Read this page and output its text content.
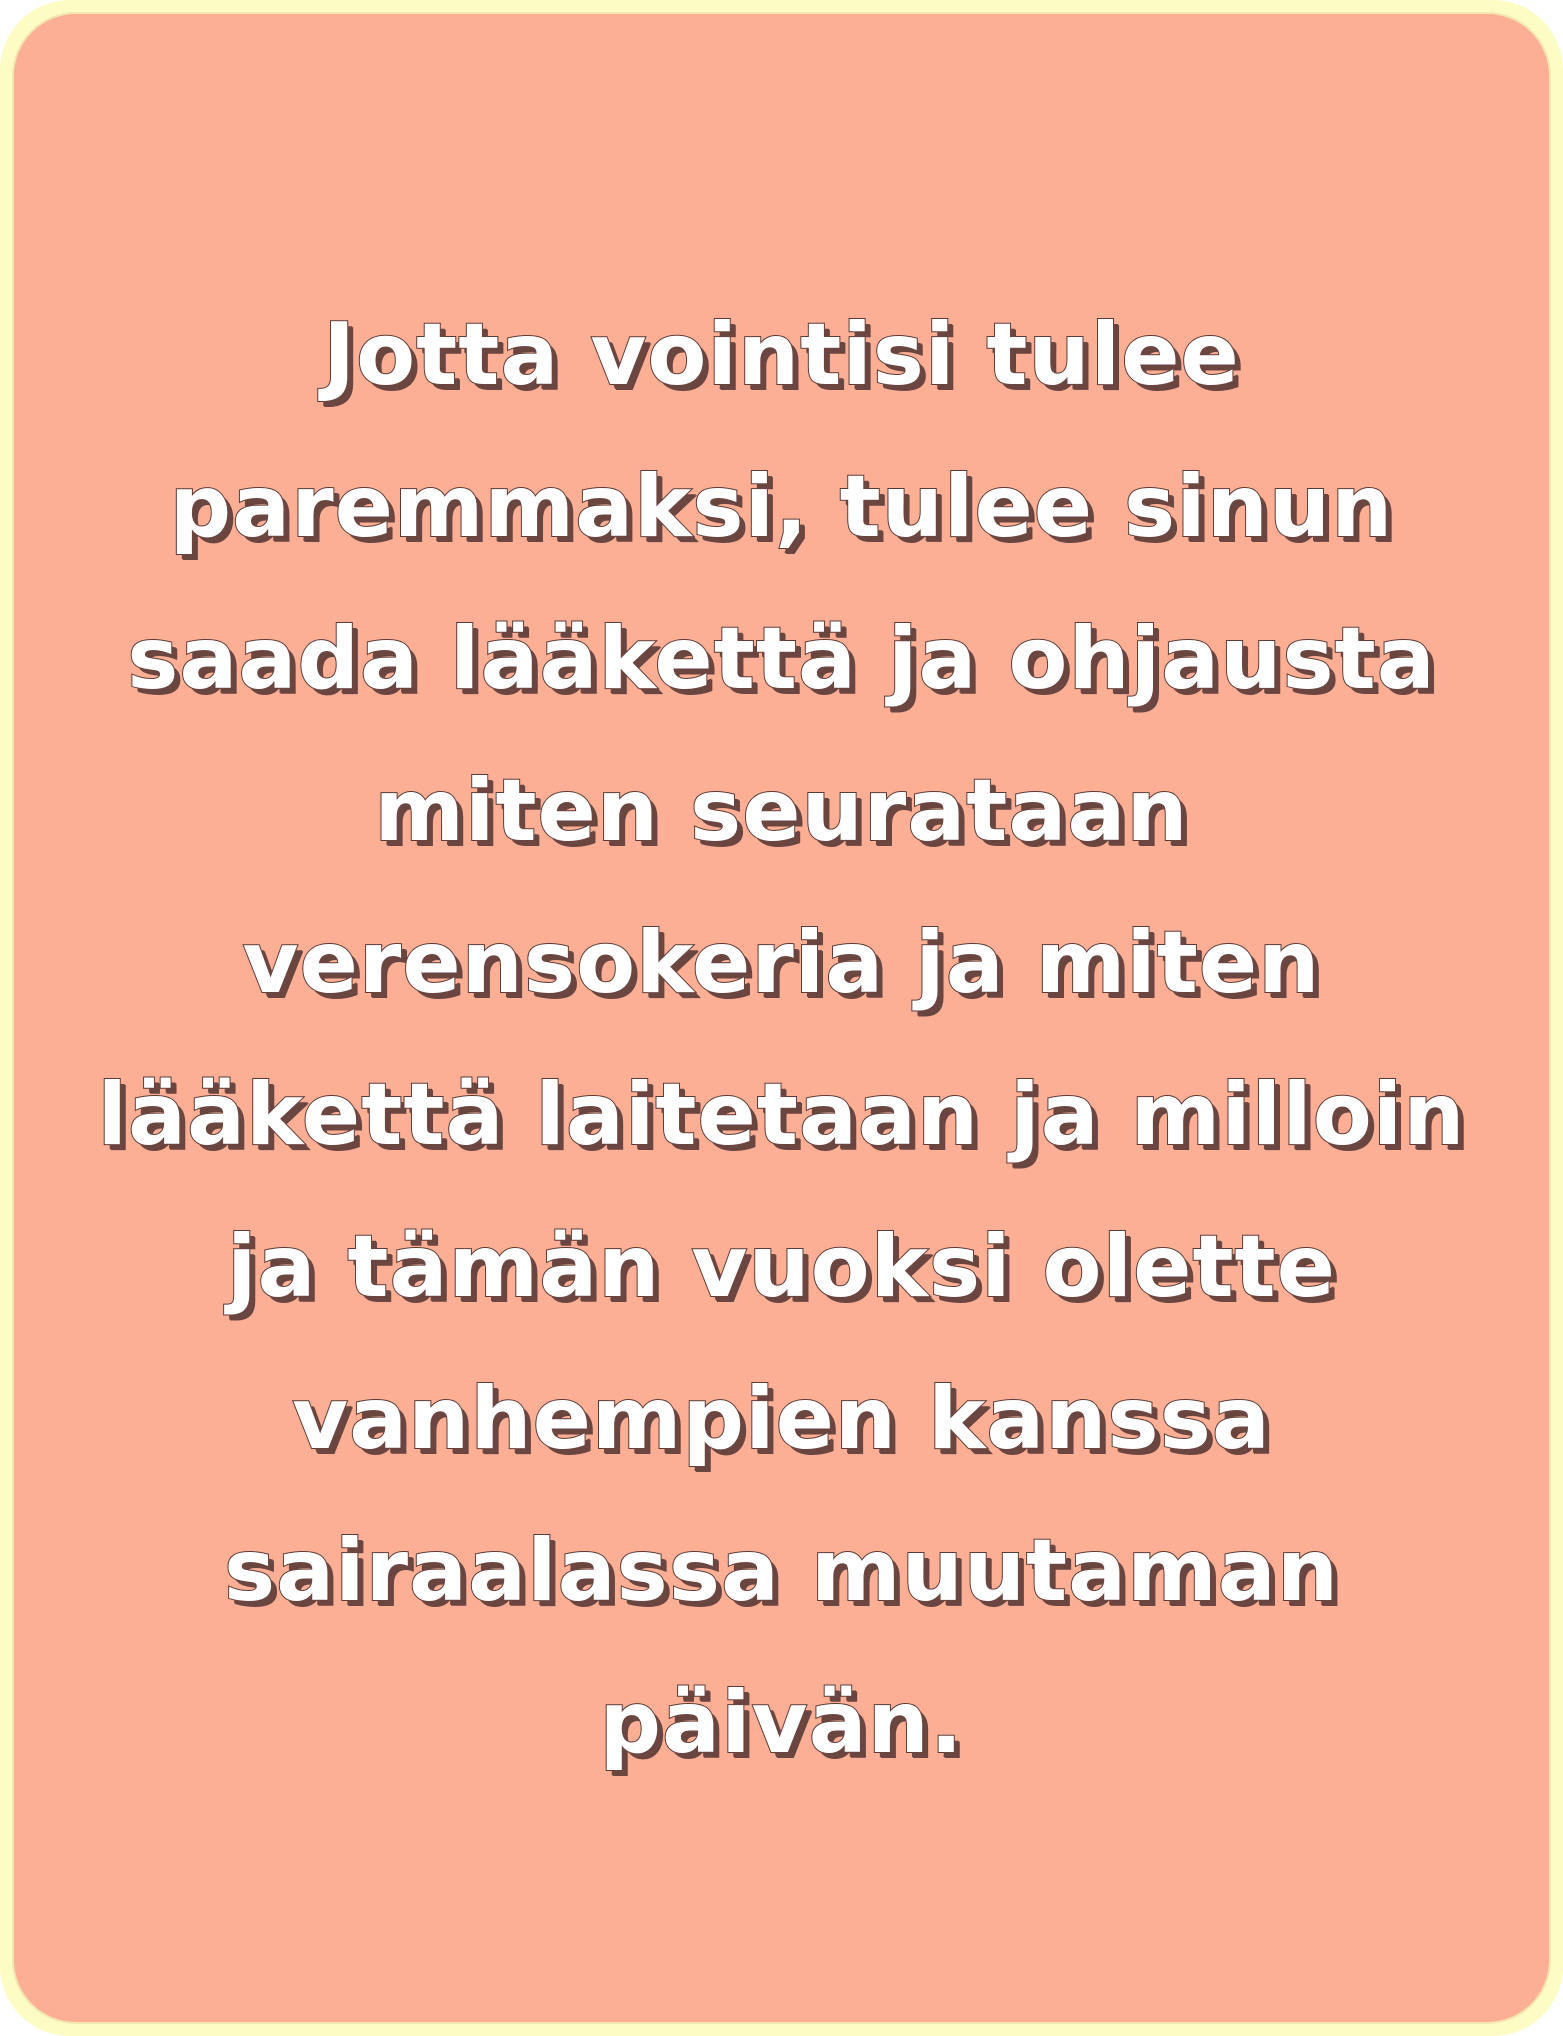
Jotta vointisi tulee
paremmaksi, tulee sinun
saada lääkettä ja ohjausta
miten seurataan
verensokeria ja miten
lääkettä laitetaan ja milloin
ja tämän vuoksi olette
vanhempien kanssa
sairaalassa muutaman
päivän.
